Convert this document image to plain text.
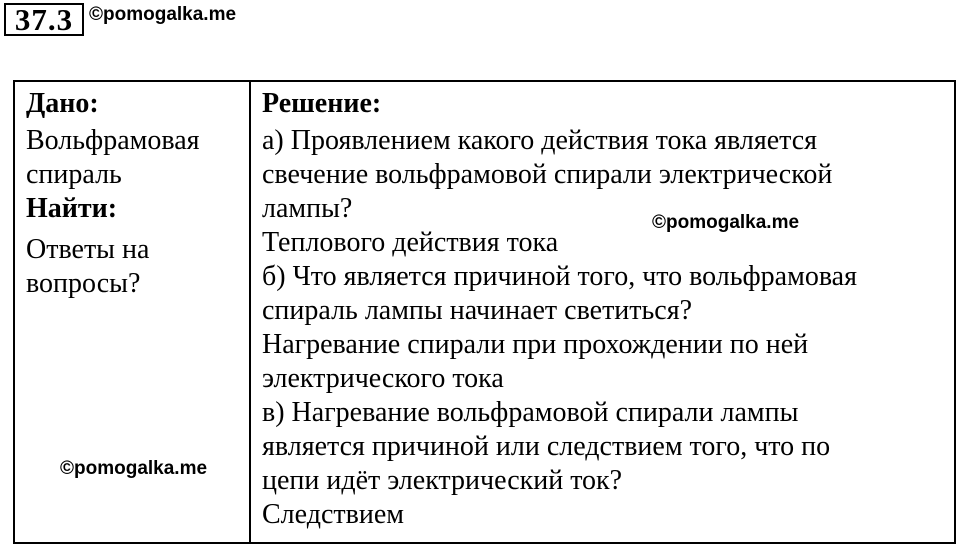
37.3 ©pomogalka.me
Дано:
Вольфрамовая
спираль
Найти:
Ответы на
вопросы?
Решение:
а) Проявлением какого действия тока является
свечение вольфрамовой спирали электрической
лампы?
Теплового действия тока
б) Что является причиной того, что вольфрамовая
спираль лампы начинает светиться?
Нагревание спирали при прохождении по ней
электрического тока
в) Нагревание вольфрамовой спирали лампы
является причиной или следствием того, что по
цепи идёт электрический ток?
Следствием
©pomogalka.me
©pomogalka.me
